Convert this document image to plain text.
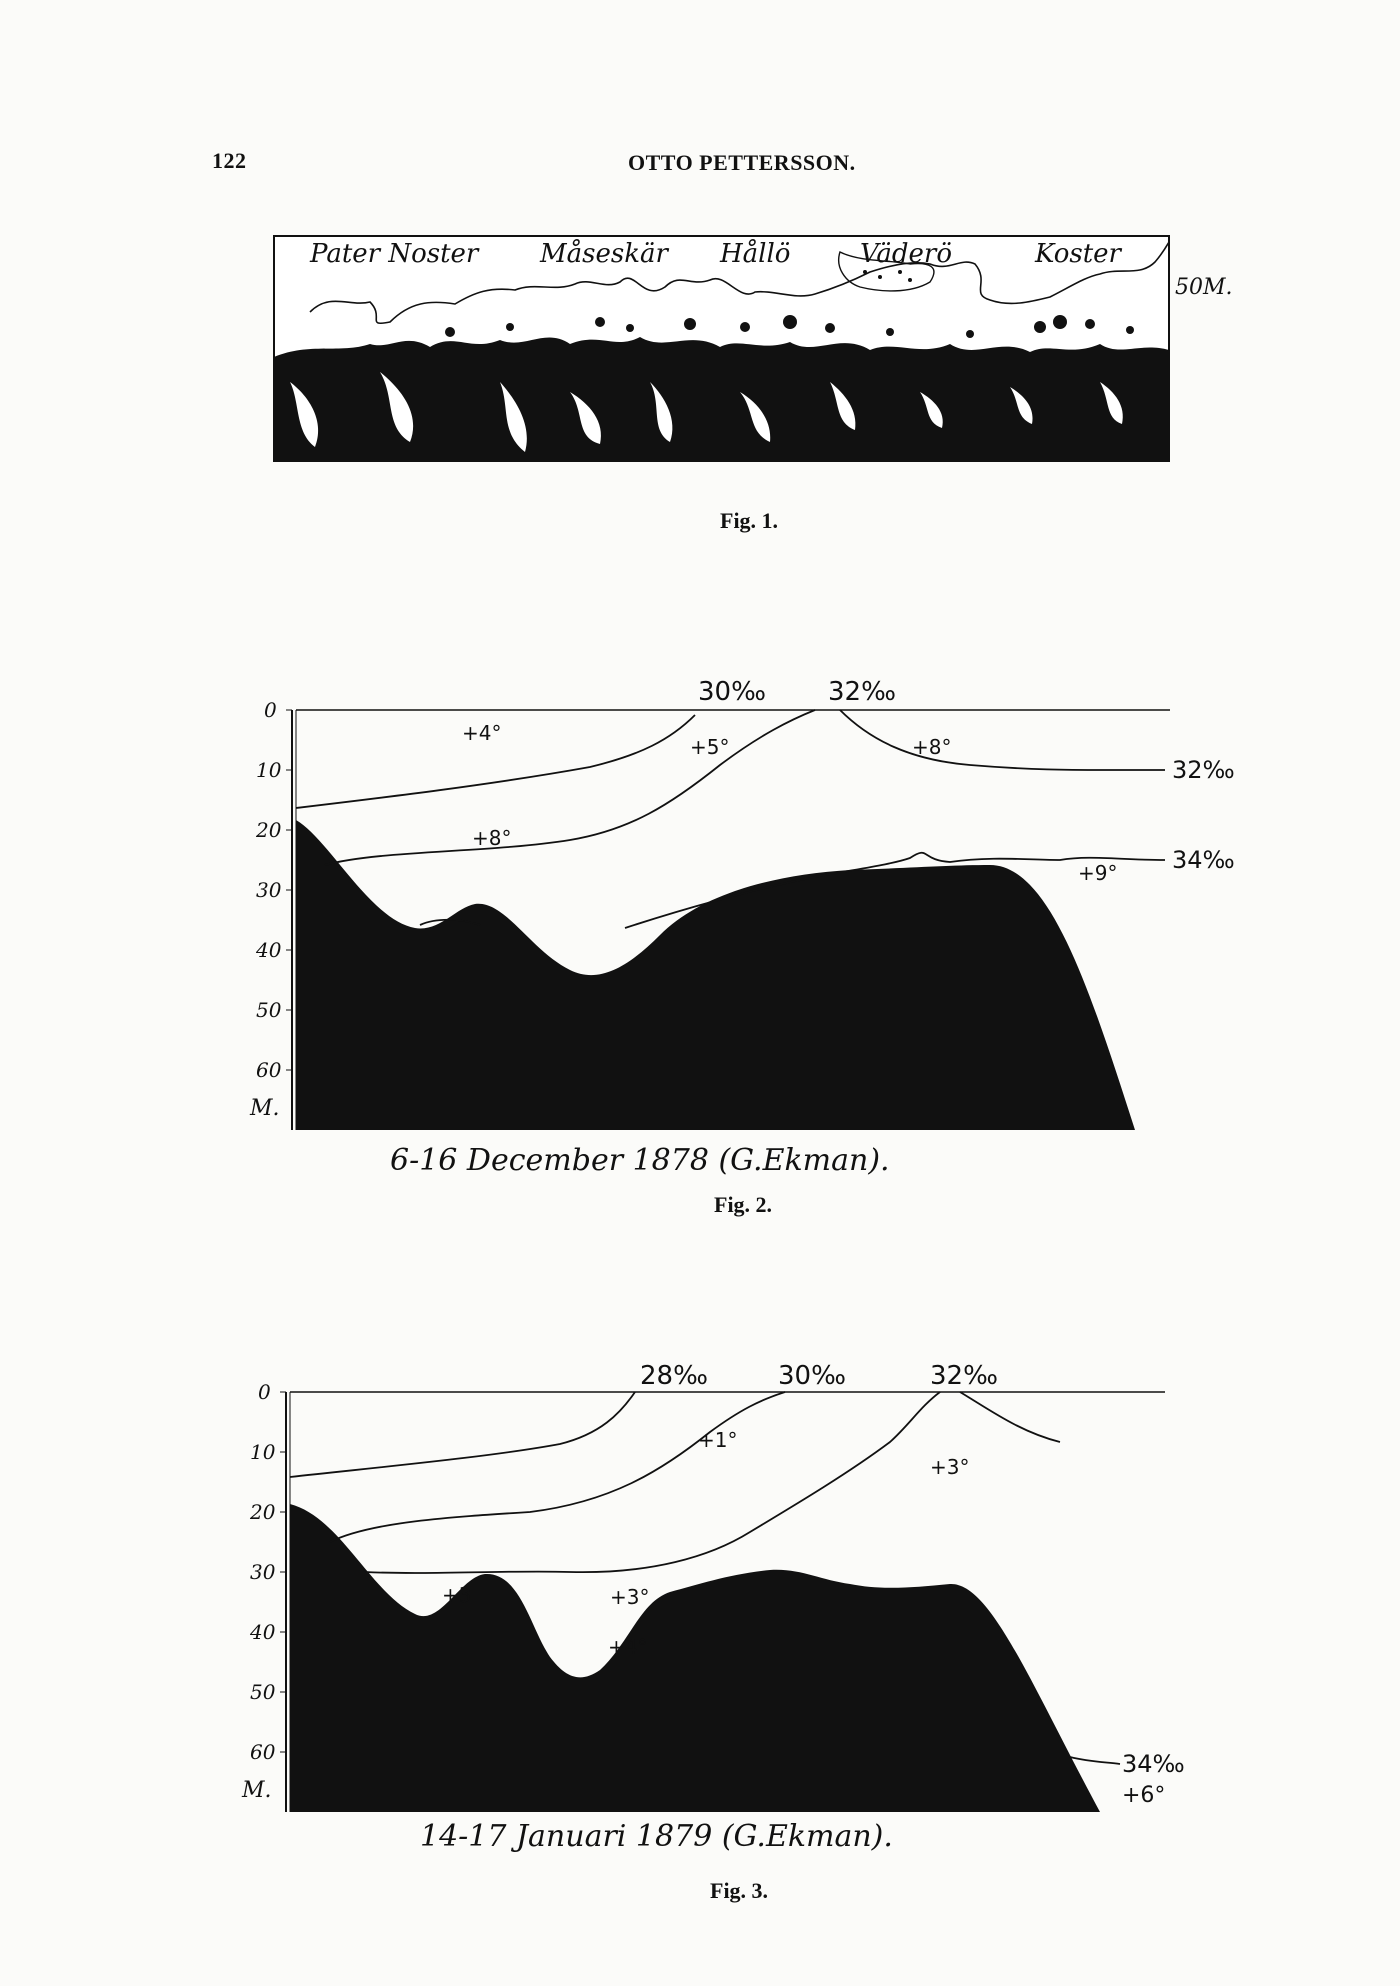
122	OTTO PETTERSSON.
Pater Noster Måseskär Hållö	Väderö	Koster
50M.
Fig. 1.
0
10
20
30
40
50
60
M.
30‰ 32‰
32‰
34‰
+4°
+5°	+8°
+8°
+9°
6-16 December 1878 (G.Ekman).
Fig. 2.
0
10
20
30
40
50
60
M.
28‰	30‰	32‰
34‰
+1°
+3°
+3	+3°
+4°
+6°
14-17 Januari 1879 (G.Ekman).
Fig. 3.
